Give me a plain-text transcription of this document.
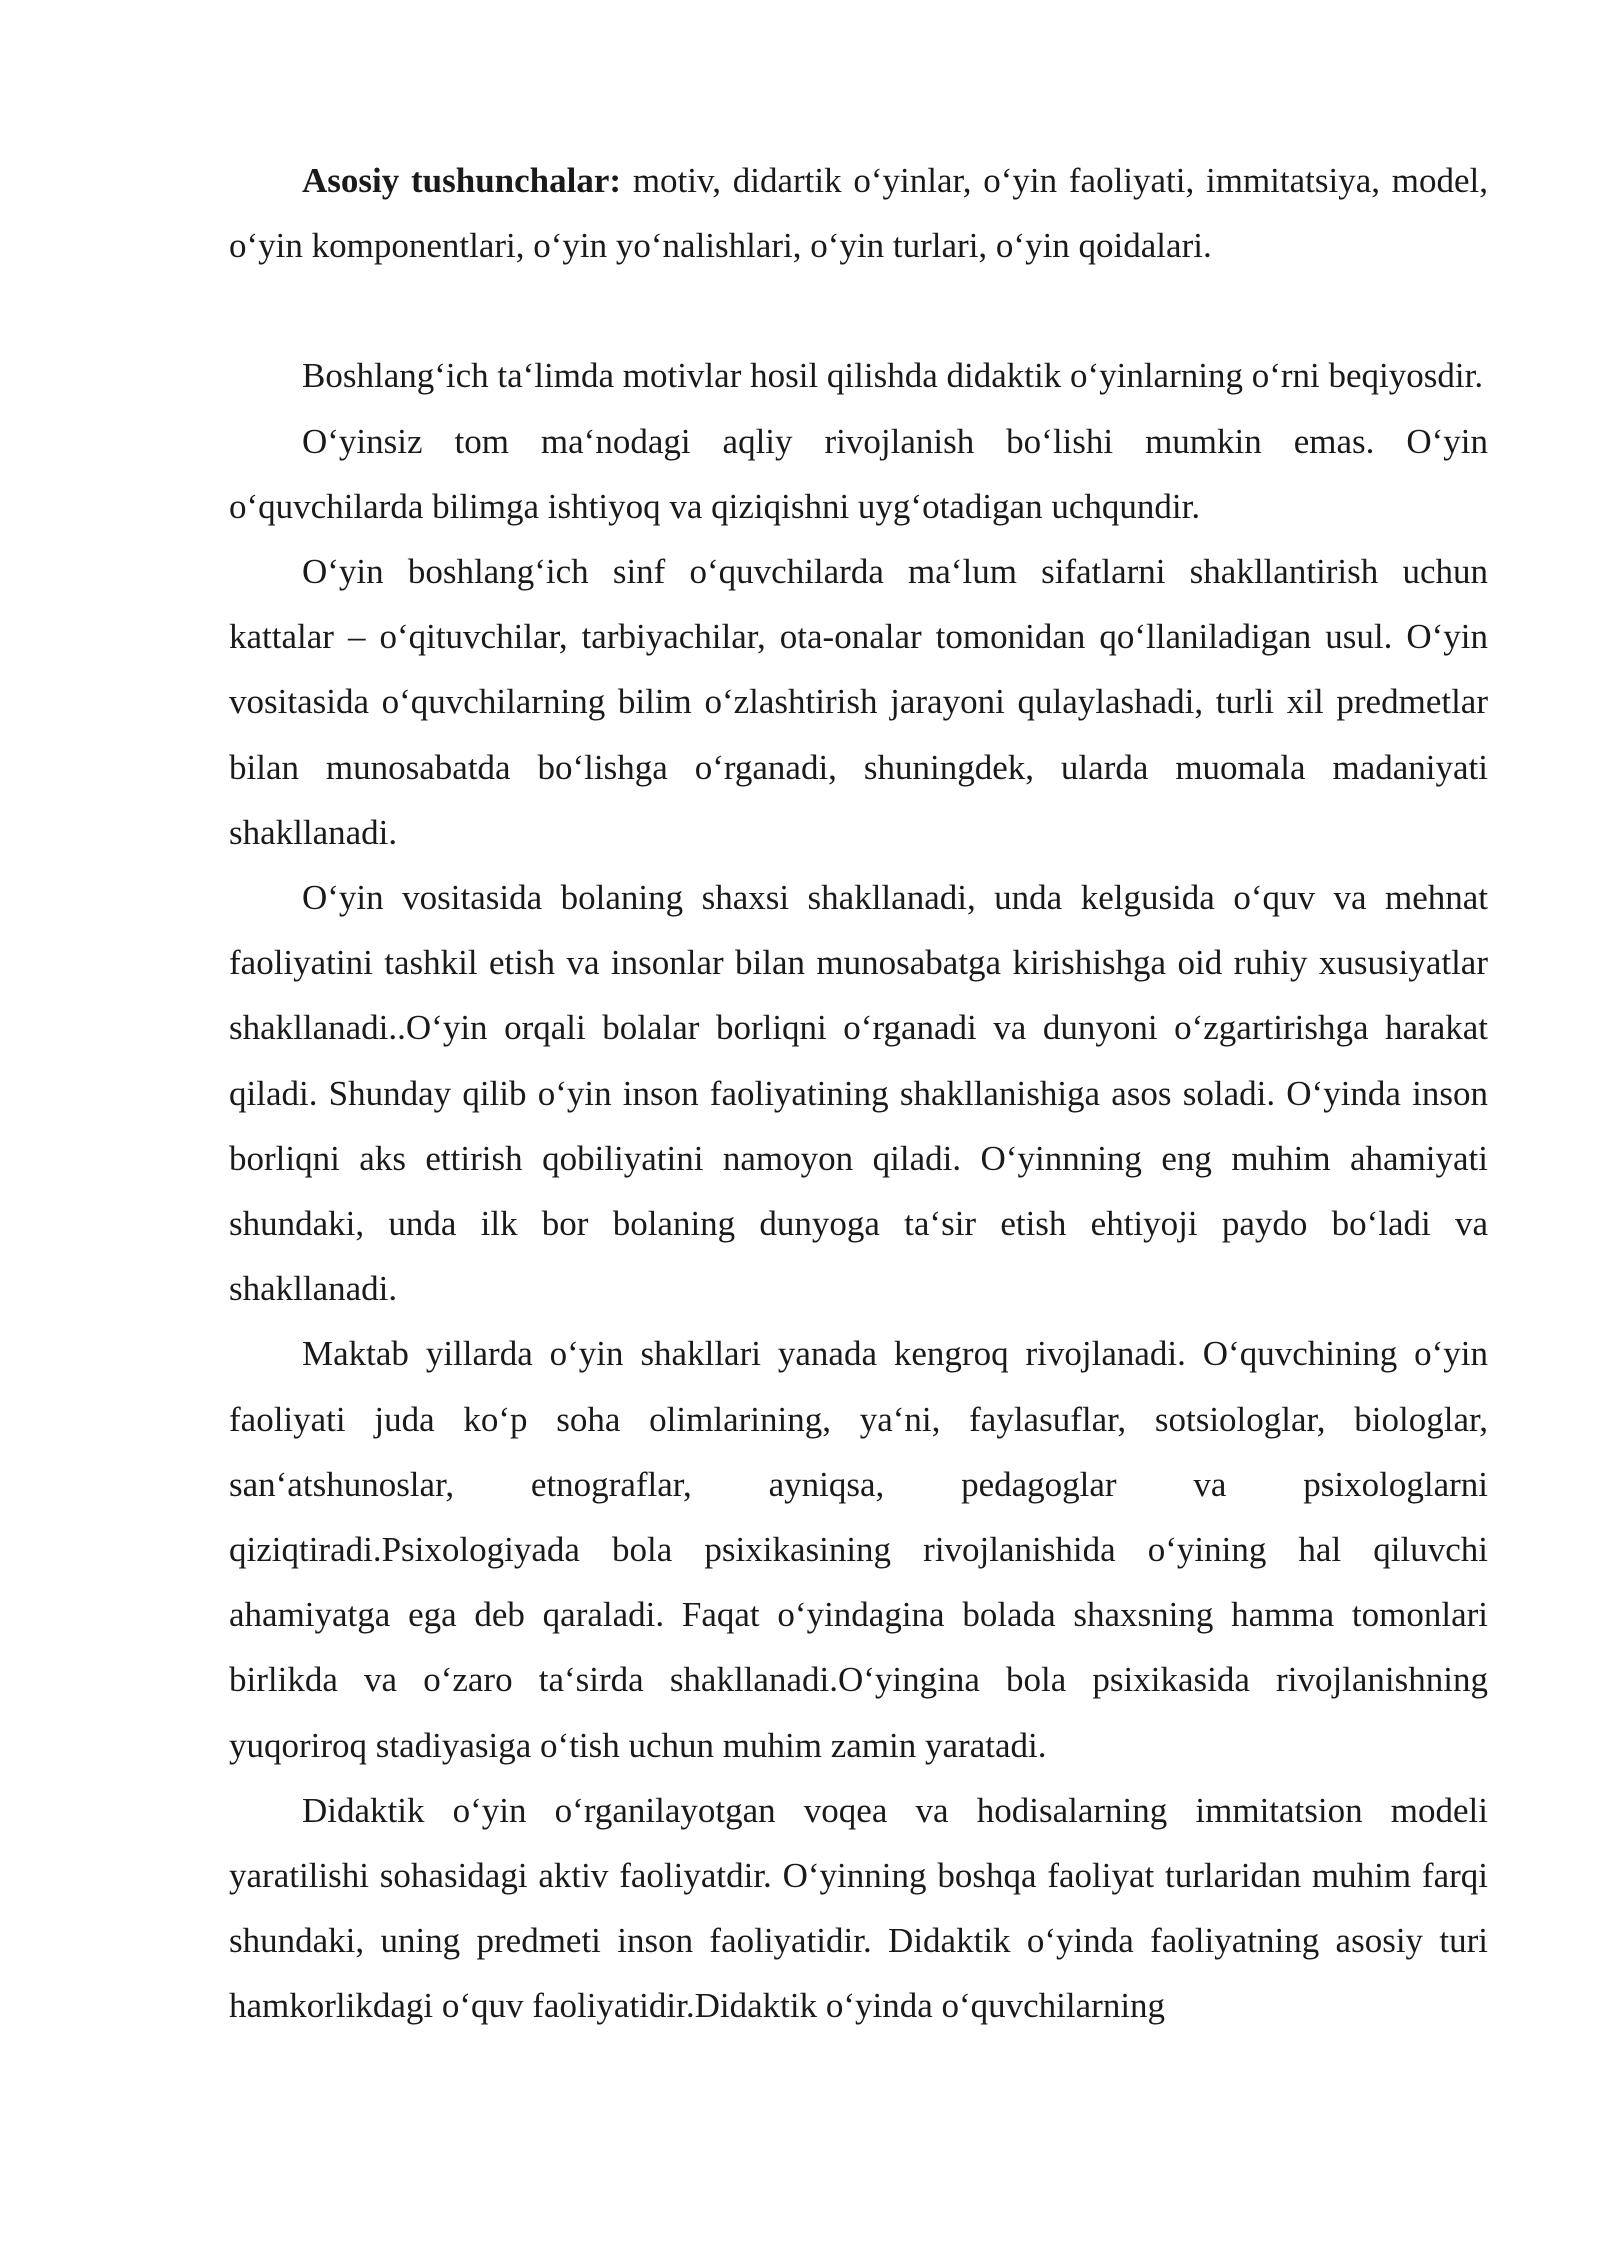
Asosiy tushunchalar: motiv, didartik o‘yinlar, o‘yin faoliyati, immitatsiya, model, o‘yin komponentlari, o‘yin yo‘nalishlari, o‘yin turlari, o‘yin qoidalari.

Boshlang‘ich ta‘limda motivlar hosil qilishda didaktik o‘yinlarning o‘rni beqiyosdir.

O‘yinsiz tom ma‘nodagi aqliy rivojlanish bo‘lishi mumkin emas. O‘yin o‘quvchilarda bilimga ishtiyoq va qiziqishni uyg‘otadigan uchqundir.

O‘yin boshlang‘ich sinf o‘quvchilarda ma‘lum sifatlarni shakllantirish uchun kattalar – o‘qituvchilar, tarbiyachilar, ota-onalar tomonidan qo‘llaniladigan usul. O‘yin vositasida o‘quvchilarning bilim o‘zlashtirish jarayoni qulaylashadi, turli xil predmetlar bilan munosabatda bo‘lishga o‘rganadi, shuningdek, ularda muomala madaniyati shakllanadi.

O‘yin vositasida bolaning shaxsi shakllanadi, unda kelgusida o‘quv va mehnat faoliyatini tashkil etish va insonlar bilan munosabatga kirishishga oid ruhiy xususiyatlar shakllanadi..O‘yin orqali bolalar borliqni o‘rganadi va dunyoni o‘zgartirishga harakat qiladi. Shunday qilib o‘yin inson faoliyatining shakllanishiga asos soladi. O‘yinda inson borliqni aks ettirish qobiliyatini namoyon qiladi. O‘yinnning eng muhim ahamiyati shundaki, unda ilk bor bolaning dunyoga ta‘sir etish ehtiyoji paydo bo‘ladi va shakllanadi.

Maktab yillarda o‘yin shakllari yanada kengroq rivojlanadi. O‘quvchining o‘yin faoliyati juda ko‘p soha olimlarining, ya‘ni, faylasuflar, sotsiologlar, biologlar, san‘atshunoslar, etnograflar, ayniqsa, pedagoglar va psixologlarni qiziqtiradi.Psixologiyada bola psixikasining rivojlanishida o‘yining hal qiluvchi ahamiyatga ega deb qaraladi. Faqat o‘yindagina bolada shaxsning hamma tomonlari birlikda va o‘zaro ta‘sirda shakllanadi.O‘yingina bola psixikasida rivojlanishning yuqoriroq stadiyasiga o‘tish uchun muhim zamin yaratadi.

Didaktik o‘yin o‘rganilayotgan voqea va hodisalarning immitatsion modeli yaratilishi sohasidagi aktiv faoliyatdir. O‘yinning boshqa faoliyat turlaridan muhim farqi shundaki, uning predmeti inson faoliyatidir. Didaktik o‘yinda faoliyatning asosiy turi hamkorlikdagi o‘quv faoliyatidir.Didaktik o‘yinda o‘quvchilarning
